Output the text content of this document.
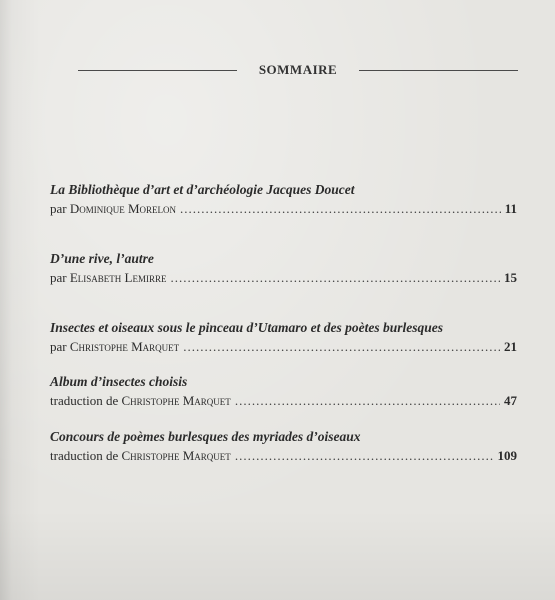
SOMMAIRE
La Bibliothèque d’art et d’archéologie Jacques Doucet
par Dominique Morelon .....	11
D’une rive, l’autre
par Elisabeth Lemirre .....	15
Insectes et oiseaux sous le pinceau d’Utamaro et des poètes burlesques
par Christophe Marquet .....	21
Album d’insectes choisis
traduction de Christophe Marquet .....	47
Concours de poèmes burlesques des myriades d’oiseaux
traduction de Christophe Marquet .....	109
